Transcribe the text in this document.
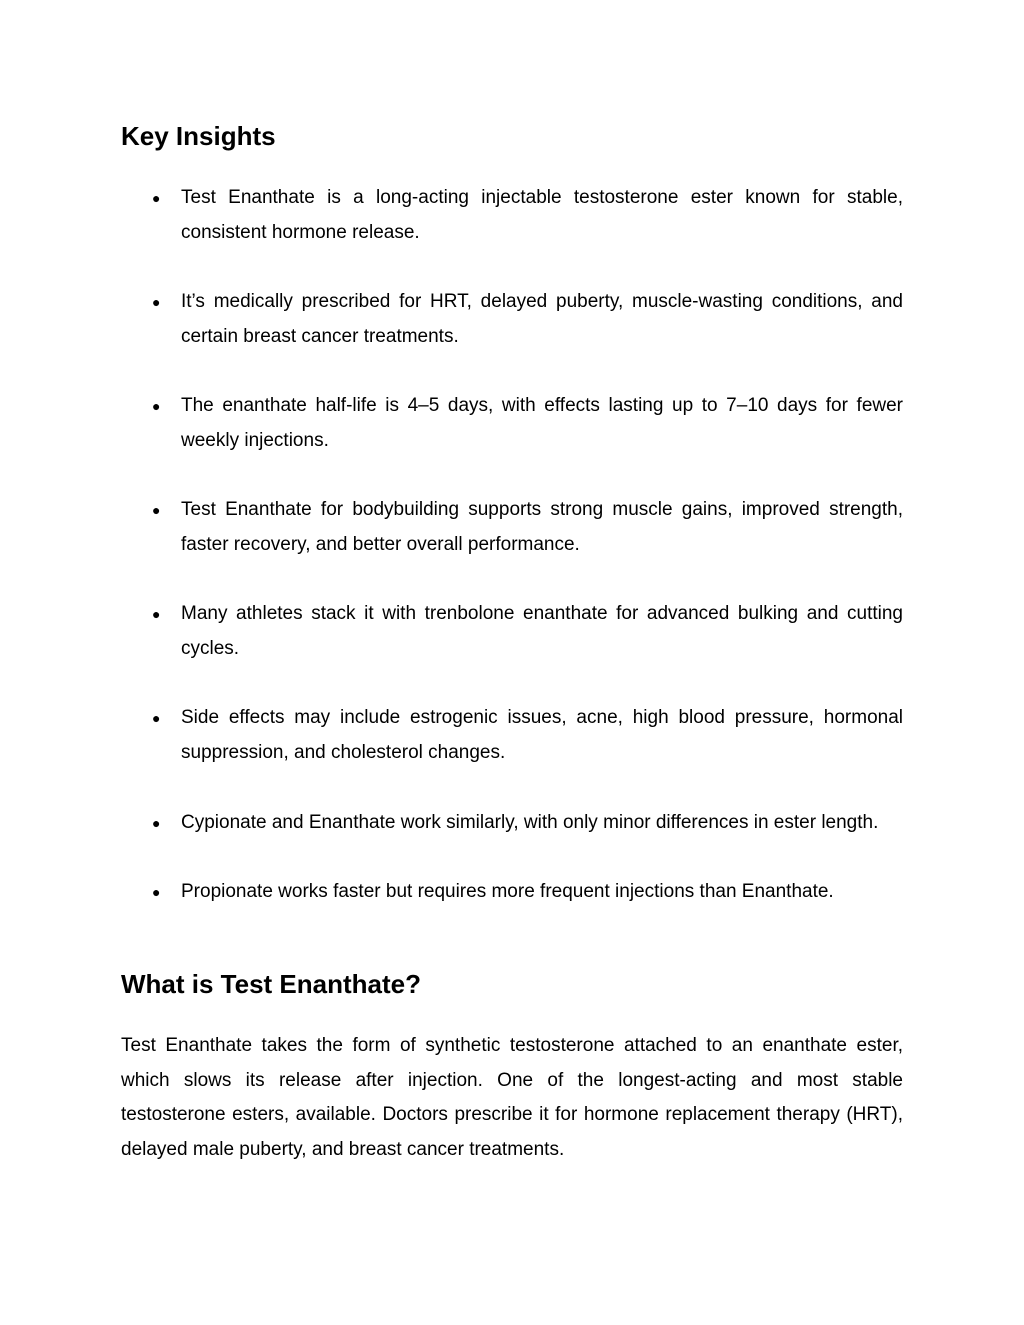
Key Insights
● Test Enanthate is a long-acting injectable testosterone ester known for stable, consistent hormone release.
● It’s medically prescribed for HRT, delayed puberty, muscle-wasting conditions, and certain breast cancer treatments.
● The enanthate half-life is 4–5 days, with effects lasting up to 7–10 days for fewer weekly injections.
● Test Enanthate for bodybuilding supports strong muscle gains, improved strength, faster recovery, and better overall performance.
● Many athletes stack it with trenbolone enanthate for advanced bulking and cutting cycles.
● Side effects may include estrogenic issues, acne, high blood pressure, hormonal suppression, and cholesterol changes.
● Cypionate and Enanthate work similarly, with only minor differences in ester length.
● Propionate works faster but requires more frequent injections than Enanthate.
What is Test Enanthate?

Test Enanthate takes the form of synthetic testosterone attached to an enanthate ester, which slows its release after injection. One of the longest-acting and most stable testosterone esters, available. Doctors prescribe it for hormone replacement therapy (HRT), delayed male puberty, and breast cancer treatments.
